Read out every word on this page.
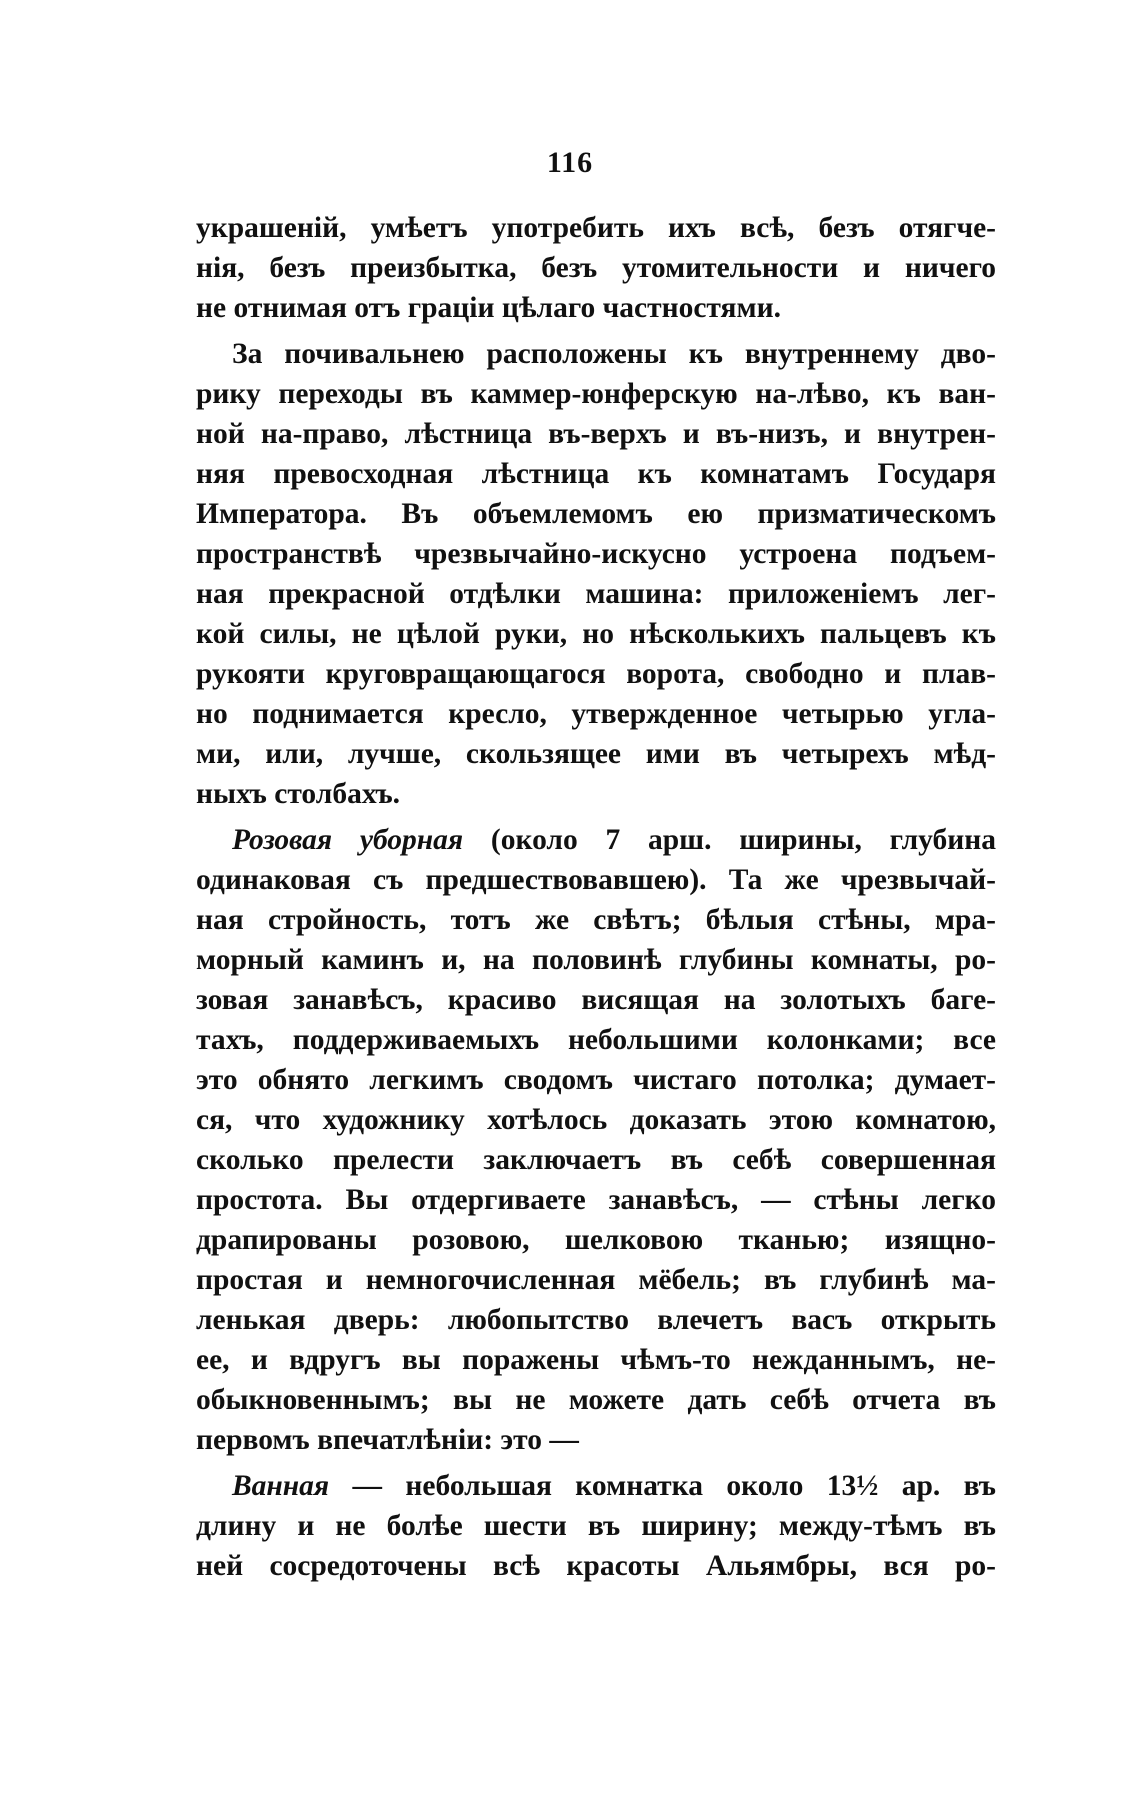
116
украшеній, умѣетъ употребить ихъ всѣ, безъ отягче-
нія, безъ преизбытка, безъ утомительности и ничего
не отнимая отъ граціи цѣлаго частностями.
За почивальнею расположены къ внутреннему дво-
рику переходы въ каммер-юнферскую на-лѣво, къ ван-
ной на-право, лѣстница въ-верхъ и въ-низъ, и внутрен-
няя превосходная лѣстница къ комнатамъ Государя
Императора. Въ объемлемомъ ею призматическомъ
пространствѣ чрезвычайно-искусно устроена подъем-
ная прекрасной отдѣлки машина: приложеніемъ лег-
кой силы, не цѣлой руки, но нѣсколькихъ пальцевъ къ
рукояти круговращающагося ворота, свободно и плав-
но поднимается кресло, утвержденное четырью угла-
ми, или, лучше, скользящее ими въ четырехъ мѣд-
ныхъ столбахъ.
Розовая уборная (около 7 арш. ширины, глубина
одинаковая съ предшествовавшею). Та же чрезвычай-
ная стройность, тотъ же свѣтъ; бѣлыя стѣны, мра-
морный каминъ и, на половинѣ глубины комнаты, ро-
зовая занавѣсъ, красиво висящая на золотыхъ баге-
тахъ, поддерживаемыхъ небольшими колонками; все
это обнято легкимъ сводомъ чистаго потолка; думает-
ся, что художнику хотѣлось доказать этою комнатою,
сколько прелести заключаетъ въ себѣ совершенная
простота. Вы отдергиваете занавѣсъ, — стѣны легко
драпированы розовою, шелковою тканью; изящно-
простая и немногочисленная мёбель; въ глубинѣ ма-
ленькая дверь: любопытство влечетъ васъ открыть
ее, и вдругъ вы поражены чѣмъ-то нежданнымъ, не-
обыкновеннымъ; вы не можете дать себѣ отчета въ
первомъ впечатлѣніи: это —
Ванная — небольшая комнатка около 13½ ар. въ
длину и не болѣе шести въ ширину; между-тѣмъ въ
ней сосредоточены всѣ красоты Альямбры, вся ро-
